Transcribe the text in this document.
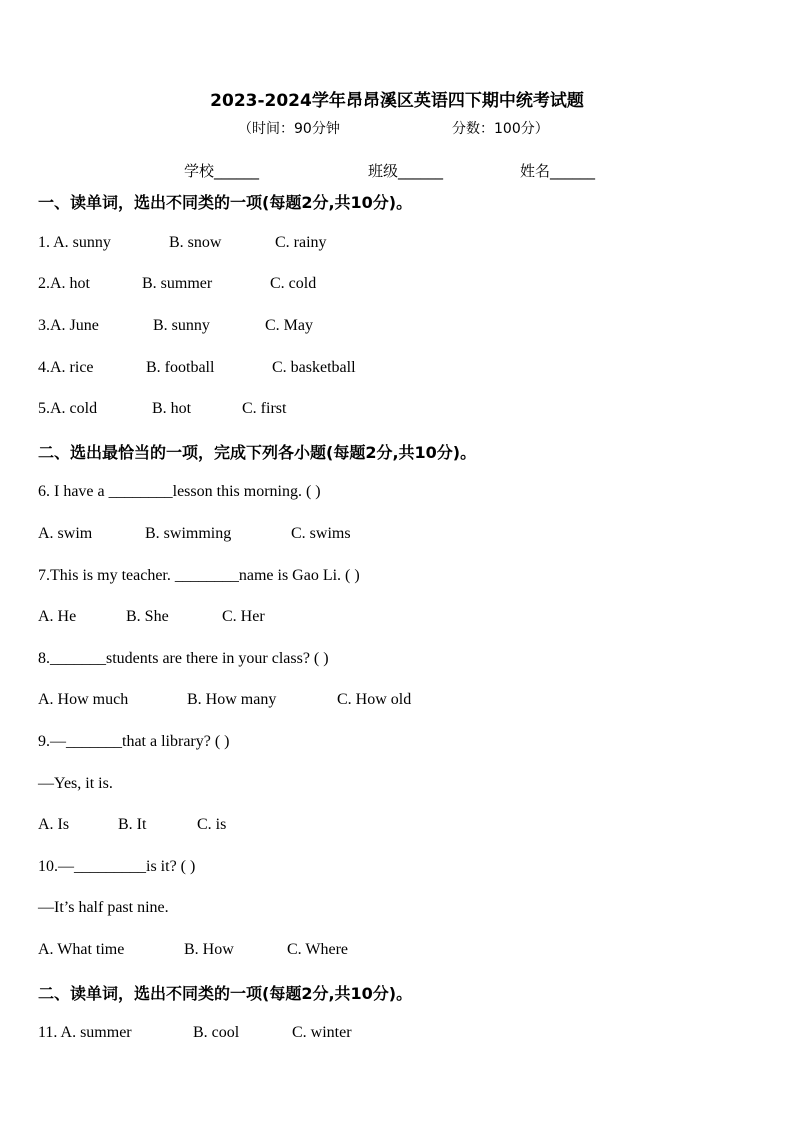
2023-2024学年昂昂溪区英语四下期中统考试题
（时间：90分钟	分数：100分）
学校______	班级______	姓名______
一、读单词，选出不同类的一项(每题2分,共10分)。
1. A. sunny	B. snow	C. rainy
2.A. hot	B. summer	C. cold
3.A. June	B. sunny	C. May
4.A. rice	B. football	C. basketball
5.A. cold	B. hot	C. first
二、选出最恰当的一项，完成下列各小题(每题2分,共10分)。
6. I have a ________lesson this morning. ( )
A. swim	B. swimming	C. swims
7.This is my teacher. ________name is Gao Li. ( )
A. He	B. She	C. Her
8._______students are there in your class? ( )
A. How much	B. How many	C. How old
9.—_______that a library? ( )
—Yes, it is.
A. Is	B. It	C. is
10.—_________is it? ( )
—It’s half past nine.
A. What time	B. How	C. Where
二、读单词，选出不同类的一项(每题2分,共10分)。
11. A. summer	B. cool	C. winter
